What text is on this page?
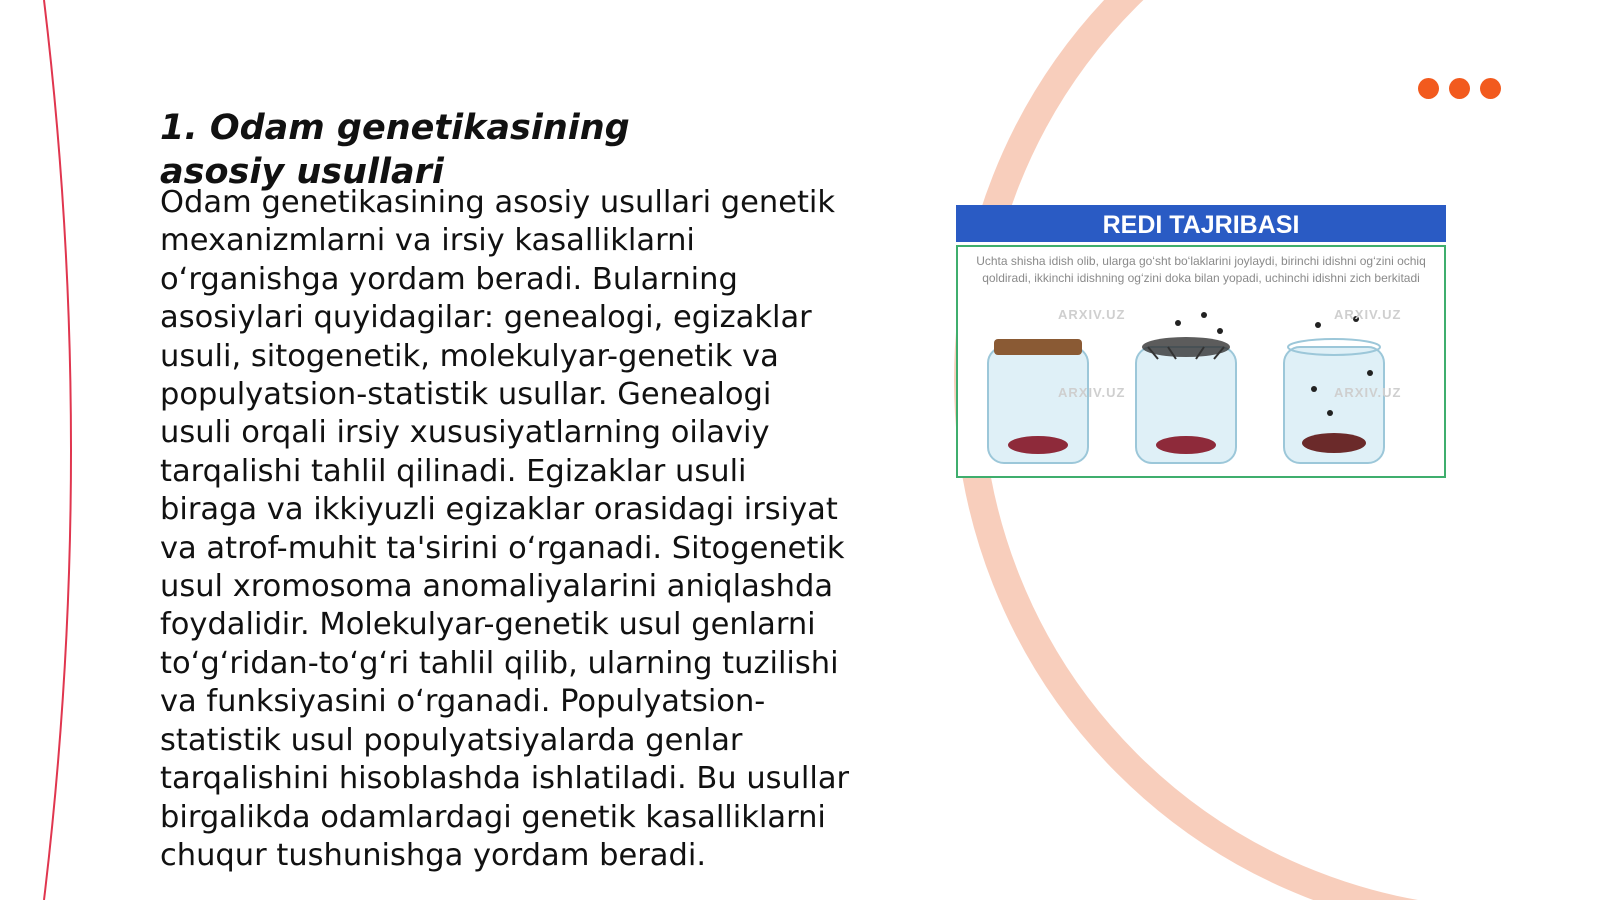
1. Odam genetikasining asosiy usullari

Odam genetikasining asosiy usullari genetik mexanizmlarni va irsiy kasalliklarni o‘rganishga yordam beradi. Bularning asosiylari quyidagilar: genealogi, egizaklar usuli, sitogenetik, molekulyar-genetik va populyatsion-statistik usullar. Genealogi usuli orqali irsiy xususiyatlarning oilaviy tarqalishi tahlil qilinadi. Egizaklar usuli biraga va ikkiyuzli egizaklar orasidagi irsiyat va atrof-muhit ta'sirini o‘rganadi. Sitogenetik usul xromosoma anomaliyalarini aniqlashda foydalidir. Molekulyar-genetik usul genlarni to‘g‘ridan-to‘g‘ri tahlil qilib, ularning tuzilishi va funksiyasini o‘rganadi. Populyatsion-statistik usul populyatsiyalarda genlar tarqalishini hisoblashda ishlatiladi. Bu usullar birgalikda odamlardagi genetik kasalliklarni chuqur tushunishga yordam beradi.

REDI TAJRIBASI
Uchta shisha idish olib, ularga go‘sht bo‘laklarini joylaydi, birinchi idishni og‘zini ochiq qoldiradi, ikkinchi idishning og‘zini doka bilan yopadi, uchinchi idishni zich berkitadi
ARXIV.UZ	ARXIV.UZ
ARXIV.UZ	ARXIV.UZ
